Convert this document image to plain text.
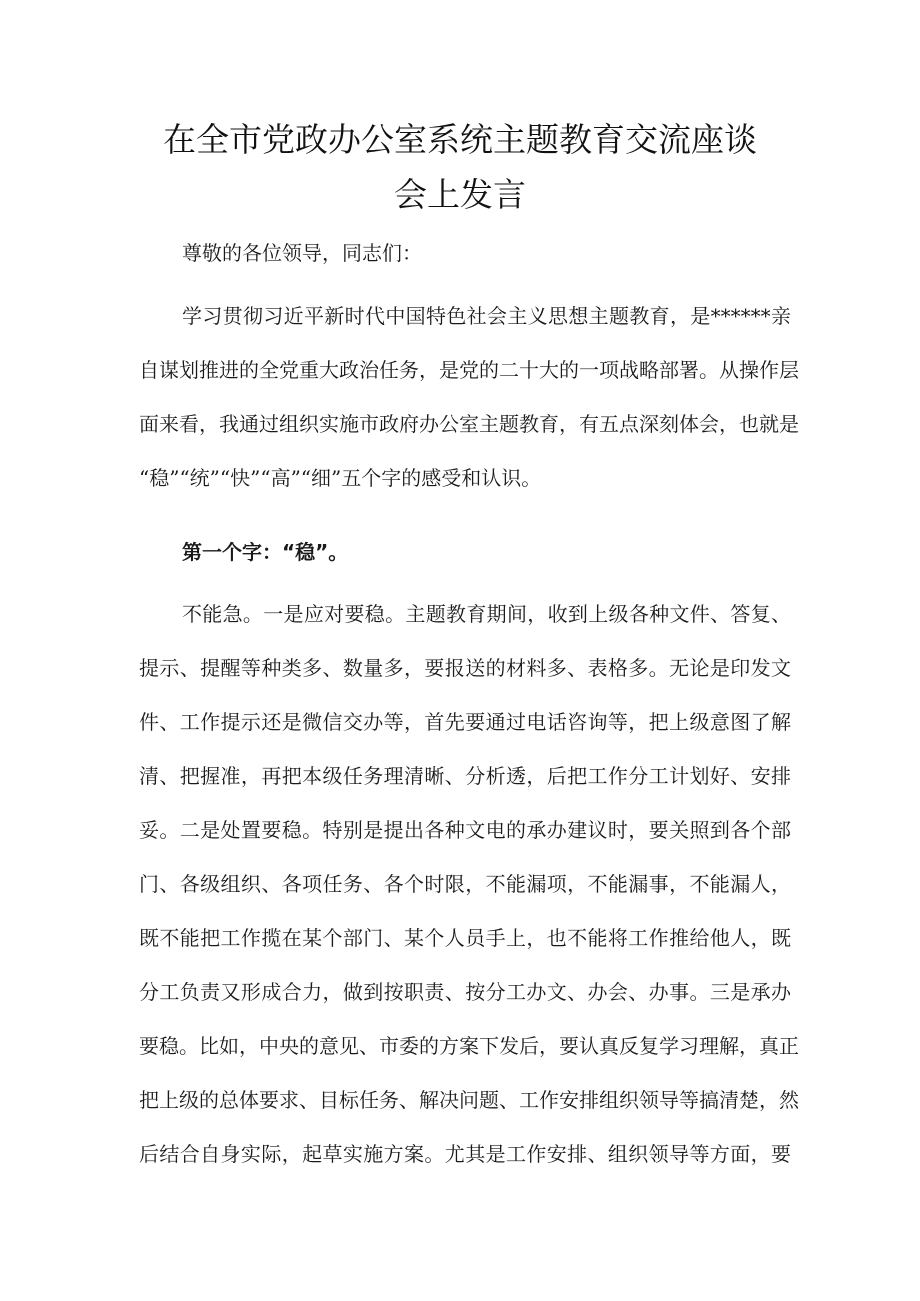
在全市党政办公室系统主题教育交流座谈
会上发言
尊敬的各位领导，同志们：
学习贯彻习近平新时代中国特色社会主义思想主题教育，是******亲
自谋划推进的全党重大政治任务，是党的二十大的一项战略部署。从操作层
面来看，我通过组织实施市政府办公室主题教育，有五点深刻体会，也就是
“稳”“统”“快”“高”“细”五个字的感受和认识。
第一个字：“稳”。
不能急。一是应对要稳。主题教育期间，收到上级各种文件、答复、
提示、提醒等种类多、数量多，要报送的材料多、表格多。无论是印发文
件、工作提示还是微信交办等，首先要通过电话咨询等，把上级意图了解
清、把握准，再把本级任务理清晰、分析透，后把工作分工计划好、安排
妥。二是处置要稳。特别是提出各种文电的承办建议时，要关照到各个部
门、各级组织、各项任务、各个时限，不能漏项，不能漏事，不能漏人，
既不能把工作揽在某个部门、某个人员手上，也不能将工作推给他人，既
分工负责又形成合力，做到按职责、按分工办文、办会、办事。三是承办
要稳。比如，中央的意见、市委的方案下发后，要认真反复学习理解，真正
把上级的总体要求、目标任务、解决问题、工作安排组织领导等搞清楚，然
后结合自身实际，起草实施方案。尤其是工作安排、组织领导等方面，要
